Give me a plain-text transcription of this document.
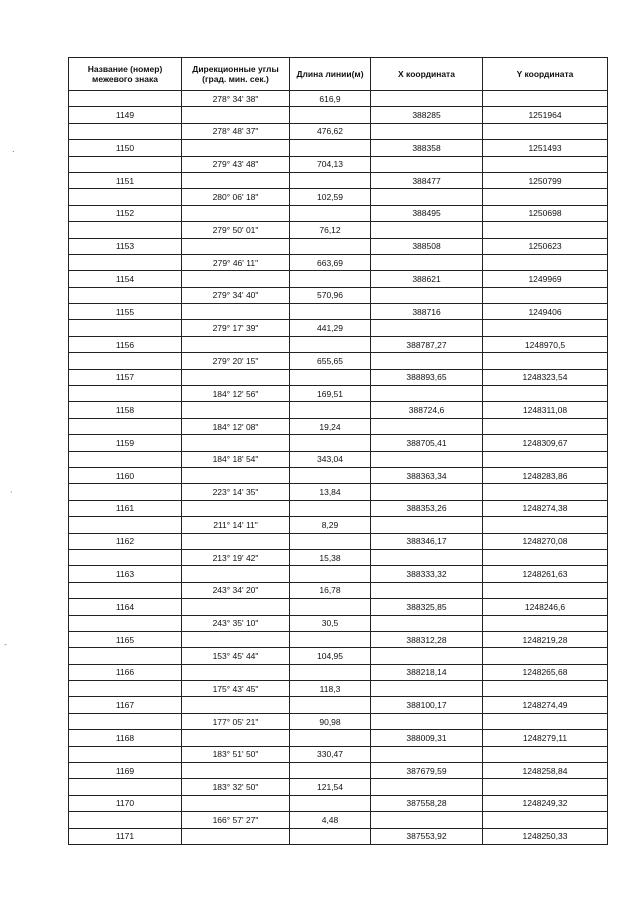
.
·
-
Название (номер) межевого знака	Дирекционные углы (град. мин. сек.)	Длина линии(м)	X координата	Y координата
	278° 34' 38"	616,9		
1149			388285	1251964
	278° 48' 37"	476,62		
1150			388358	1251493
	279° 43' 48"	704,13		
1151			388477	1250799
	280° 06' 18"	102,59		
1152			388495	1250698
	279° 50' 01"	76,12		
1153			388508	1250623
	279° 46' 11"	663,69		
1154			388621	1249969
	279° 34' 40"	570,96		
1155			388716	1249406
	279° 17' 39"	441,29		
1156			388787,27	1248970,5
	279° 20' 15"	655,65		
1157			388893,65	1248323,54
	184° 12' 56"	169,51		
1158			388724,6	1248311,08
	184° 12' 08"	19,24		
1159			388705,41	1248309,67
	184° 18' 54"	343,04		
1160			388363,34	1248283,86
	223° 14' 35"	13,84		
1161			388353,26	1248274,38
	211° 14' 11"	8,29		
1162			388346,17	1248270,08
	213° 19' 42"	15,38		
1163			388333,32	1248261,63
	243° 34' 20"	16,78		
1164			388325,85	1248246,6
	243° 35' 10"	30,5		
1165			388312,28	1248219,28
	153° 45' 44"	104,95		
1166			388218,14	1248265,68
	175° 43' 45"	118,3		
1167			388100,17	1248274,49
	177° 05' 21"	90,98		
1168			388009,31	1248279,11
	183° 51' 50"	330,47		
1169			387679,59	1248258,84
	183° 32' 50"	121,54		
1170			387558,28	1248249,32
	166° 57' 27"	4,48		
1171			387553,92	1248250,33
